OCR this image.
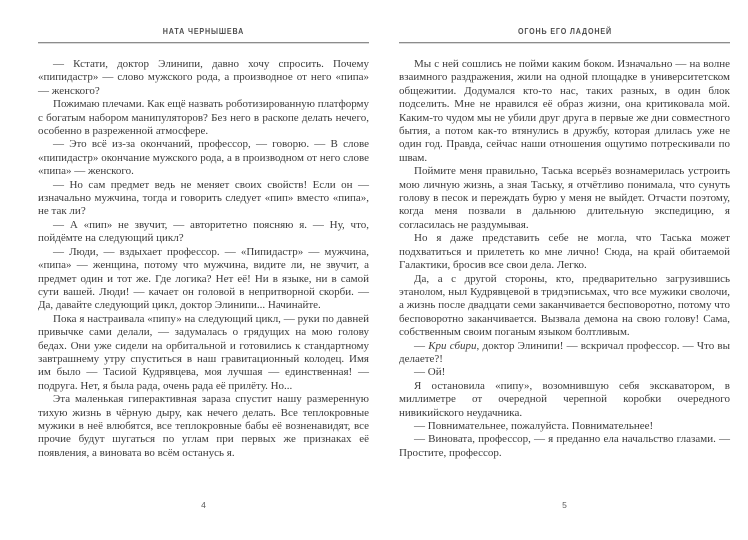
НАТА ЧЕРНЫШЕВА

— Кстати, доктор Элинипи, давно хочу спросить. Почему «пипидастр» — слово мужского рода, а производное от него «пипа» — женского?

Пожимаю плечами. Как ещё назвать роботизированную платформу с богатым набором манипуляторов? Без него в раскопе делать нечего, особенно в разреженной атмосфере.

— Это всё из-за окончаний, профессор, — говорю. — В слове «пипидастр» окончание мужского рода, а в производном от него слове «пипа» — женского.

— Но сам предмет ведь не меняет своих свойств! Если он — изначально мужчина, тогда и говорить следует «пип» вместо «пипа», не так ли?

— А «пип» не звучит, — авторитетно поясняю я. — Ну, что, пойдёмте на следующий цикл?

— Люди, — вздыхает профессор. — «Пипидастр» — мужчина, «пипа» — женщина, потому что мужчина, видите ли, не звучит, а предмет один и тот же. Где логика? Нет её! Ни в языке, ни в самой сути вашей. Люди! — качает он головой в непритворной скорби. — Да, давайте следующий цикл, доктор Элинипи... Начинайте.

Пока я настраивала «пипу» на следующий цикл, — руки по давней привычке сами делали, — задумалась о грядущих на мою голову бедах. Они уже сидели на орбитальной и готовились к стандартному завтрашнему утру спуститься в наш гравитационный колодец. Имя им было — Тасиой Кудрявцева, моя лучшая — единственная! — подруга. Нет, я была рада, очень рада её прилёту. Но...

Эта маленькая гиперактивная зараза спустит нашу размеренную тихую жизнь в чёрную дыру, как нечего делать. Все теплокровные мужики в неё влюбятся, все теплокровные бабы её возненавидят, все прочие будут шугаться по углам при первых же признаках её появления, а виновата во всём останусь я.

4
ОГОНЬ ЕГО ЛАДОНЕЙ

Мы с ней сошлись не пойми каким боком. Изначально — на волне взаимного раздражения, жили на одной площадке в университетском общежитии. Додумался кто-то нас, таких разных, в один блок подселить. Мне не нравился её образ жизни, она критиковала мой. Каким-то чудом мы не убили друг друга в первые же дни совместного бытия, а потом как-то втянулись в дружбу, которая длилась уже не один год. Правда, сейчас наши отношения ощутимо потрескивали по швам.

Поймите меня правильно, Таська всерьёз вознамерилась устроить мою личную жизнь, а зная Таську, я отчётливо понимала, что сунуть голову в песок и переждать бурю у меня не выйдет. Отчасти поэтому, когда меня позвали в дальнюю длительную экспедицию, я согласилась не раздумывая.

Но я даже представить себе не могла, что Таська может подхватиться и прилететь ко мне лично! Сюда, на край обитаемой Галактики, бросив все свои дела. Легко.

Да, а с другой стороны, кто, предварительно загрузившись этанолом, ныл Кудрявцевой в тридэписьмах, что все мужики сволочи, а жизнь после двадцати семи заканчивается бесповоротно, потому что бесповоротно заканчивается. Вызвала демона на свою голову! Сама, собственным своим поганым языком болтливым.

— Кри сбири, доктор Элинипи! — вскричал профессор. — Что вы делаете?!

— Ой!

Я остановила «пипу», возомнившую себя экскаватором, в миллиметре от очередной черепной коробки очередного нивикийского неудачника.

— Повнимательнее, пожалуйста. Повнимательнее!

— Виновата, профессор, — я преданно ела начальство глазами. — Простите, профессор.

5
